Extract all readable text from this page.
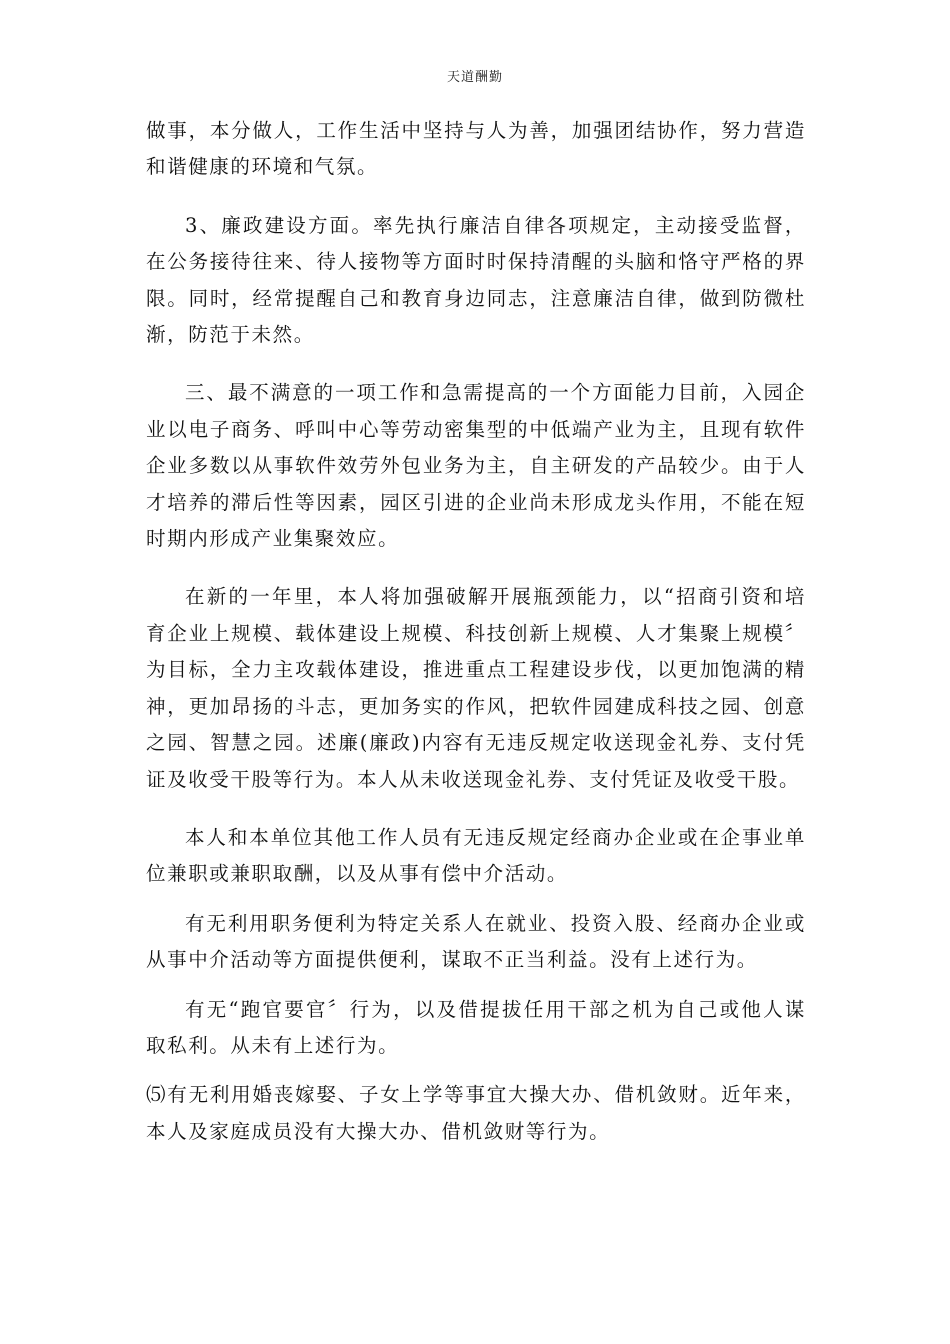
天道酬勤

做事，本分做人，工作生活中坚持与人为善，加强团结协作，努力营造和谐健康的环境和气氛。

3、廉政建设方面。率先执行廉洁自律各项规定，主动接受监督，在公务接待往来、待人接物等方面时时保持清醒的头脑和恪守严格的界限。同时，经常提醒自己和教育身边同志，注意廉洁自律，做到防微杜渐，防范于未然。

三、最不满意的一项工作和急需提高的一个方面能力目前，入园企业以电子商务、呼叫中心等劳动密集型的中低端产业为主，且现有软件企业多数以从事软件效劳外包业务为主，自主研发的产品较少。由于人才培养的滞后性等因素，园区引进的企业尚未形成龙头作用，不能在短时期内形成产业集聚效应。

在新的一年里，本人将加强破解开展瓶颈能力，以“招商引资和培育企业上规模、载体建设上规模、科技创新上规模、人才集聚上规模〞为目标，全力主攻载体建设，推进重点工程建设步伐，以更加饱满的精神，更加昂扬的斗志，更加务实的作风，把软件园建成科技之园、创意之园、智慧之园。述廉(廉政)内容有无违反规定收送现金礼券、支付凭证及收受干股等行为。本人从未收送现金礼券、支付凭证及收受干股。

本人和本单位其他工作人员有无违反规定经商办企业或在企事业单位兼职或兼职取酬，以及从事有偿中介活动。

有无利用职务便利为特定关系人在就业、投资入股、经商办企业或从事中介活动等方面提供便利，谋取不正当利益。没有上述行为。

有无“跑官要官〞行为，以及借提拔任用干部之机为自己或他人谋取私利。从未有上述行为。

⑸有无利用婚丧嫁娶、子女上学等事宜大操大办、借机敛财。近年来，本人及家庭成员没有大操大办、借机敛财等行为。
